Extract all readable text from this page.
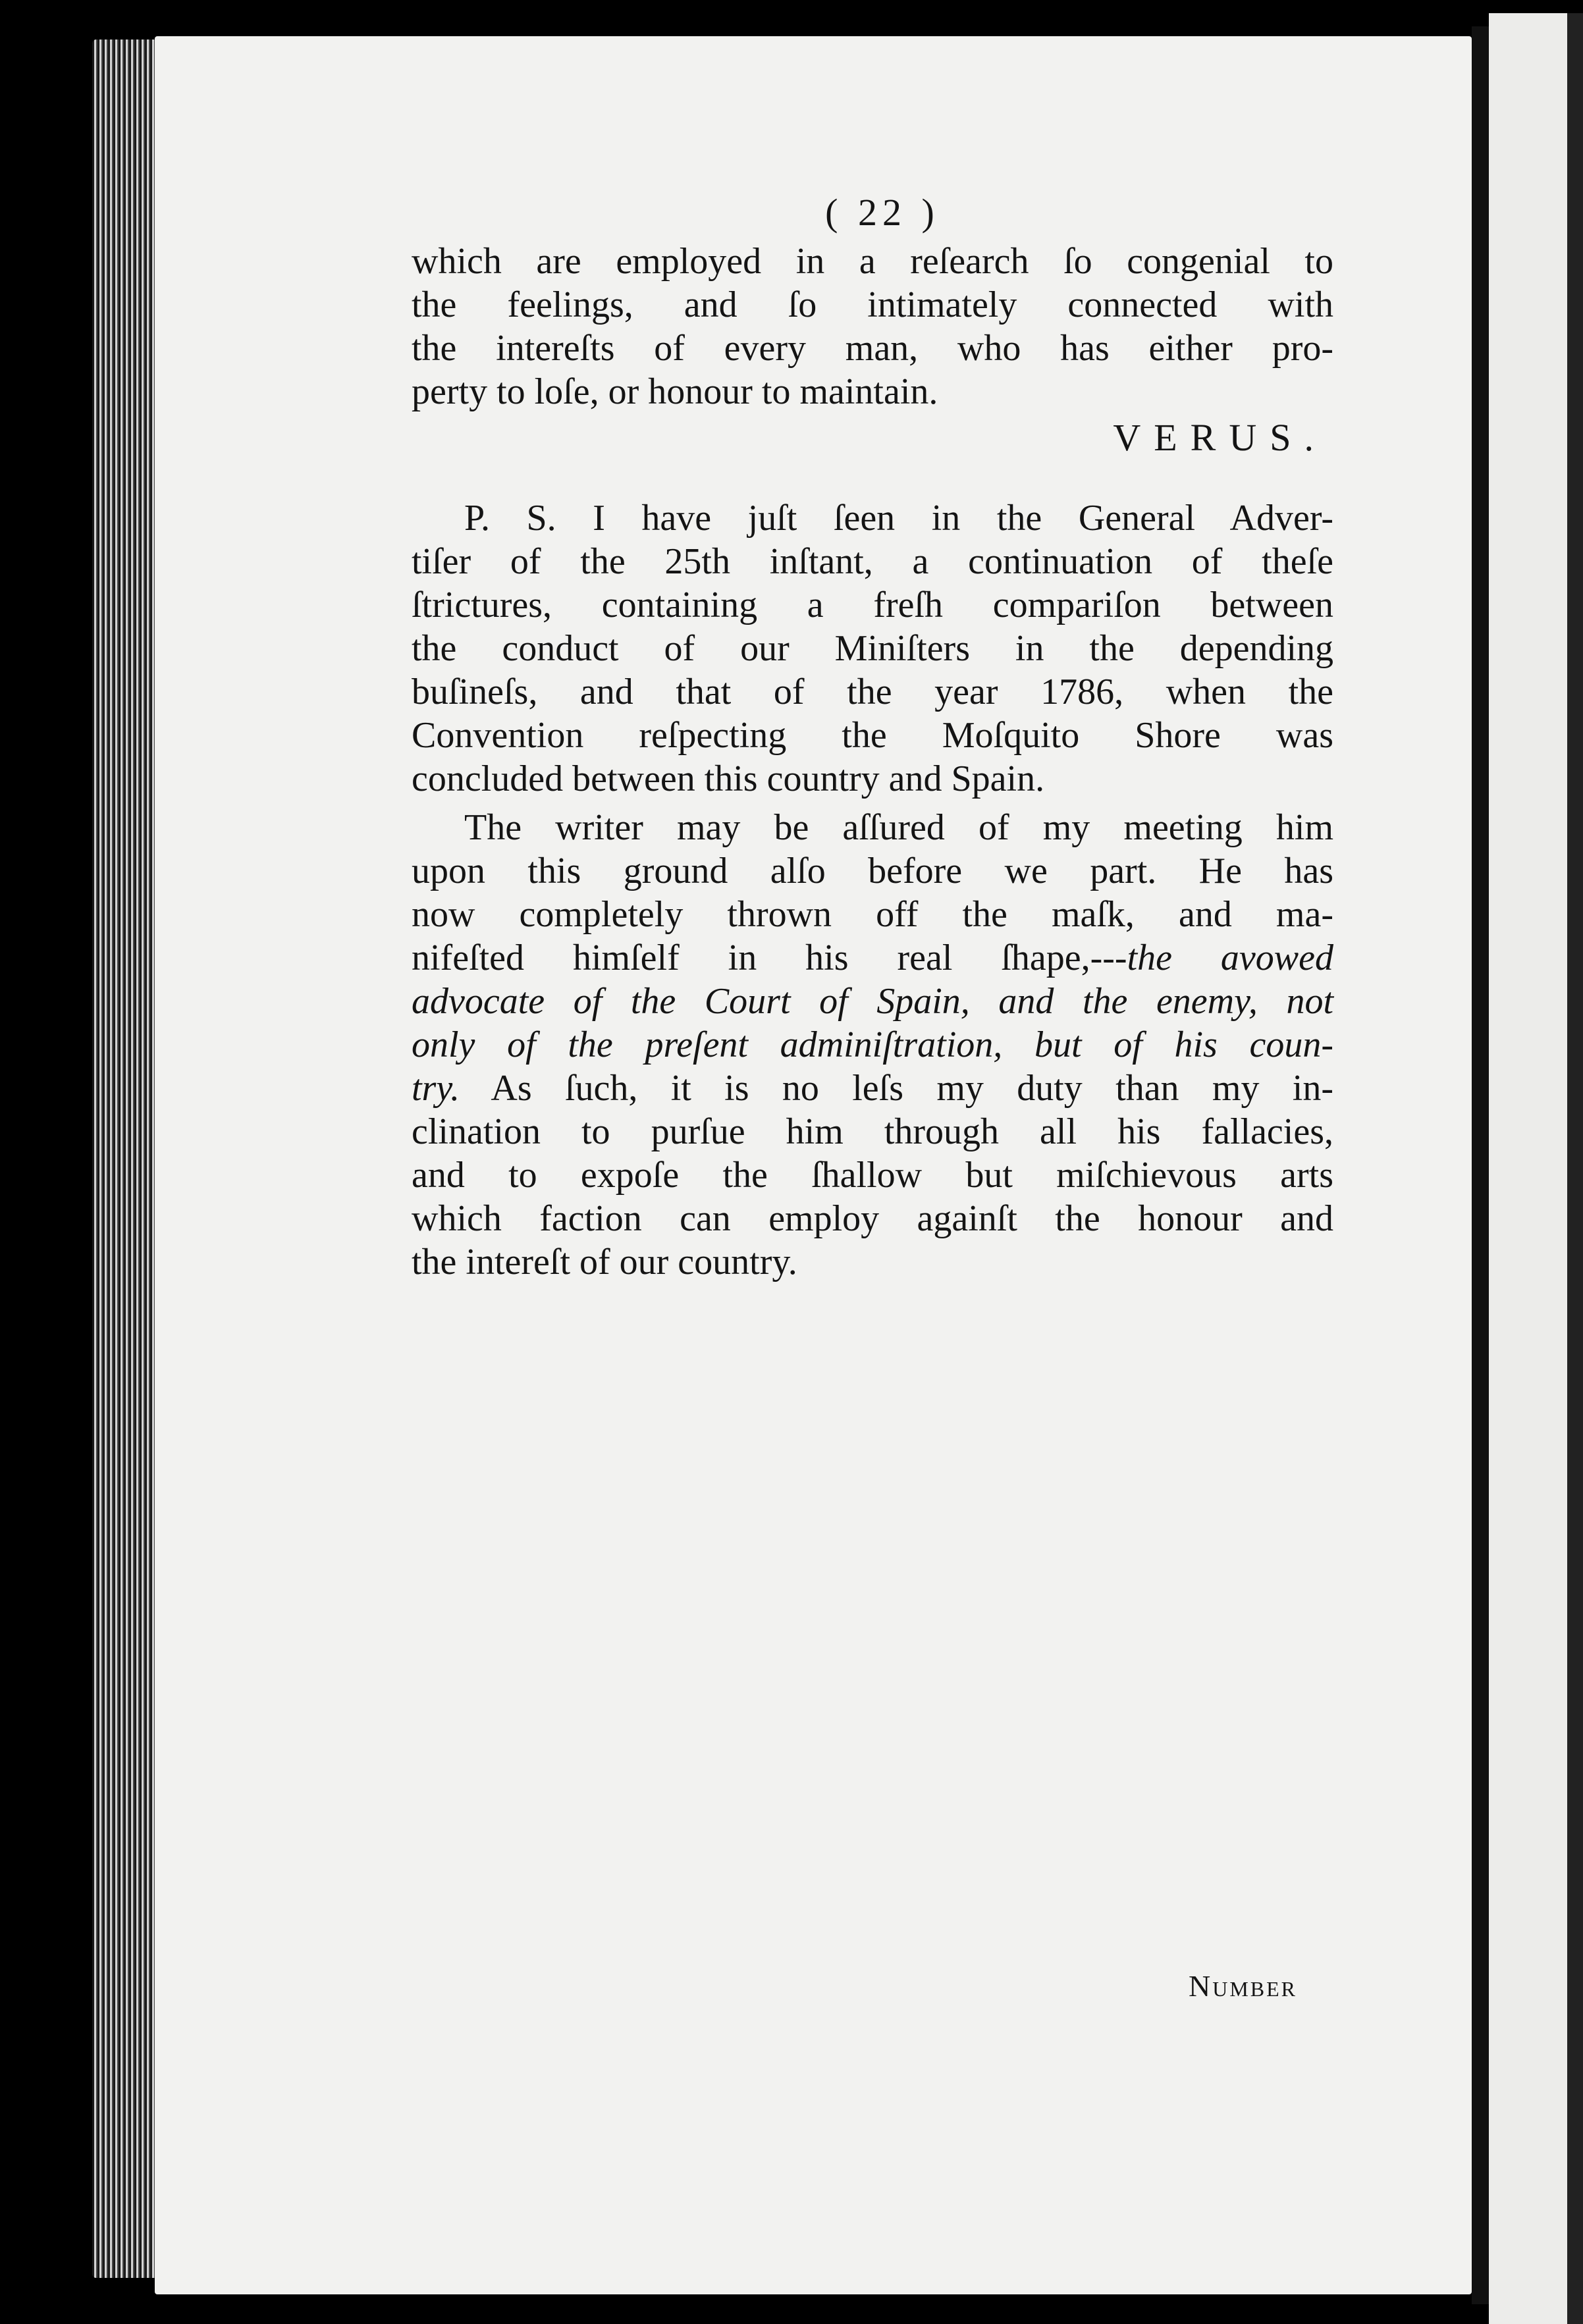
( 22 )
which are employed in a reſearch ſo congenial to
the feelings, and ſo intimately connected with
the intereſts of every man, who has either pro-
perty to loſe, or honour to maintain.
VERUS.
P. S. I have juſt ſeen in the General Adver-
tiſer of the 25th inſtant, a continuation of theſe
ſtrictures, containing a freſh compariſon between
the conduct of our Miniſters in the depending
buſineſs, and that of the year 1786, when the
Convention reſpecting the Moſquito Shore was
concluded between this country and Spain.
The writer may be aſſured of my meeting him
upon this ground alſo before we part. He has
now completely thrown off the maſk, and ma-
nifeſted himſelf in his real ſhape,---the avowed
advocate of the Court of Spain, and the enemy, not
only of the preſent adminiſtration, but of his coun-
try. As ſuch, it is no leſs my duty than my in-
clination to purſue him through all his fallacies,
and to expoſe the ſhallow but miſchievous arts
which faction can employ againſt the honour and
the intereſt of our country.
Number
